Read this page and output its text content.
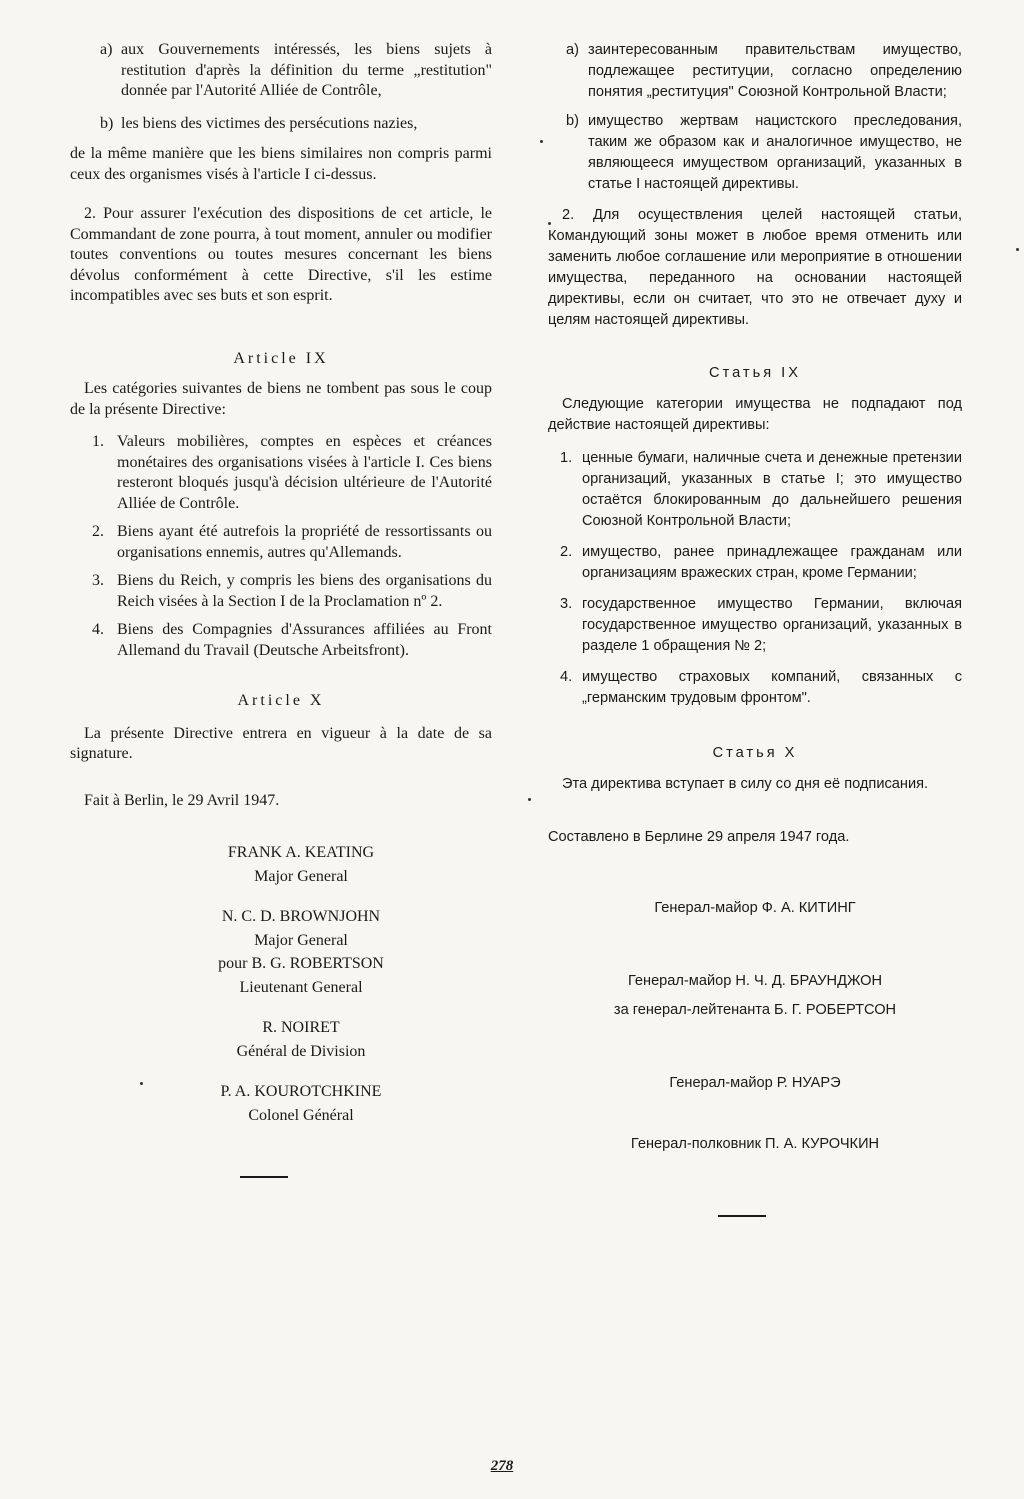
a) aux Gouvernements intéressés, les biens sujets à restitution d'après la définition du terme „restitution" donnée par l'Autorité Alliée de Contrôle,
b) les biens des victimes des persécutions nazies,

de la même manière que les biens similaires non compris parmi ceux des organismes visés à l'article I ci-dessus.

2. Pour assurer l'exécution des dispositions de cet article, le Commandant de zone pourra, à tout moment, annuler ou modifier toutes conventions ou toutes mesures concernant les biens dévolus conformément à cette Directive, s'il les estime incompatibles avec ses buts et son esprit.

Article IX

Les catégories suivantes de biens ne tombent pas sous le coup de la présente Directive:

1. Valeurs mobilières, comptes en espèces et créances monétaires des organisations visées à l'article I. Ces biens resteront bloqués jusqu'à décision ultérieure de l'Autorité Alliée de Contrôle.
2. Biens ayant été autrefois la propriété de ressortissants ou organisations ennemis, autres qu'Allemands.
3. Biens du Reich, y compris les biens des organisations du Reich visées à la Section I de la Proclamation nº 2.
4. Biens des Compagnies d'Assurances affiliées au Front Allemand du Travail (Deutsche Arbeitsfront).

Article X

La présente Directive entrera en vigueur à la date de sa signature.

Fait à Berlin, le 29 Avril 1947.

FRANK A. KEATING
Major General
N. C. D. BROWNJOHN
Major General
pour B. G. ROBERTSON
Lieutenant General
R. NOIRET
Général de Division
P. A. KOUROTCHKINE
Colonel Général
а) заинтересованным правительствам имущество, подлежащее реституции, согласно определению понятия „реституция" Союзной Контрольной Власти;
b) имущество жертвам нацистского преследования, таким же образом как и аналогичное имущество, не являющееся имуществом организаций, указанных в статье I настоящей директивы.

2. Для осуществления целей настоящей статьи, Командующий зоны может в любое время отменить или заменить любое соглашение или мероприятие в отношении имущества, переданного на основании настоящей директивы, если он считает, что это не отвечает духу и целям настоящей директивы.

Статья IX

Следующие категории имущества не подпадают под действие настоящей директивы:

1. ценные бумаги, наличные счета и денежные претензии организаций, указанных в статье I; это имущество остаётся блокированным до дальнейшего решения Союзной Контрольной Власти;
2. имущество, ранее принадлежащее гражданам или организациям вражеских стран, кроме Германии;
3. государственное имущество Германии, включая государственное имущество организаций, указанных в разделе 1 обращения № 2;
4. имущество страховых компаний, связанных с „германским трудовым фронтом".

Статья X

Эта директива вступает в силу со дня её подписания.

Составлено в Берлине 29 апреля 1947 года.

Генерал-майор Ф. А. КИТИНГ
Генерал-майор Н. Ч. Д. БРАУНДЖОН
за генерал-лейтенанта Б. Г. РОБЕРТСОН
Генерал-майор Р. НУАРЭ
Генерал-полковник П. А. КУРОЧКИН
278
